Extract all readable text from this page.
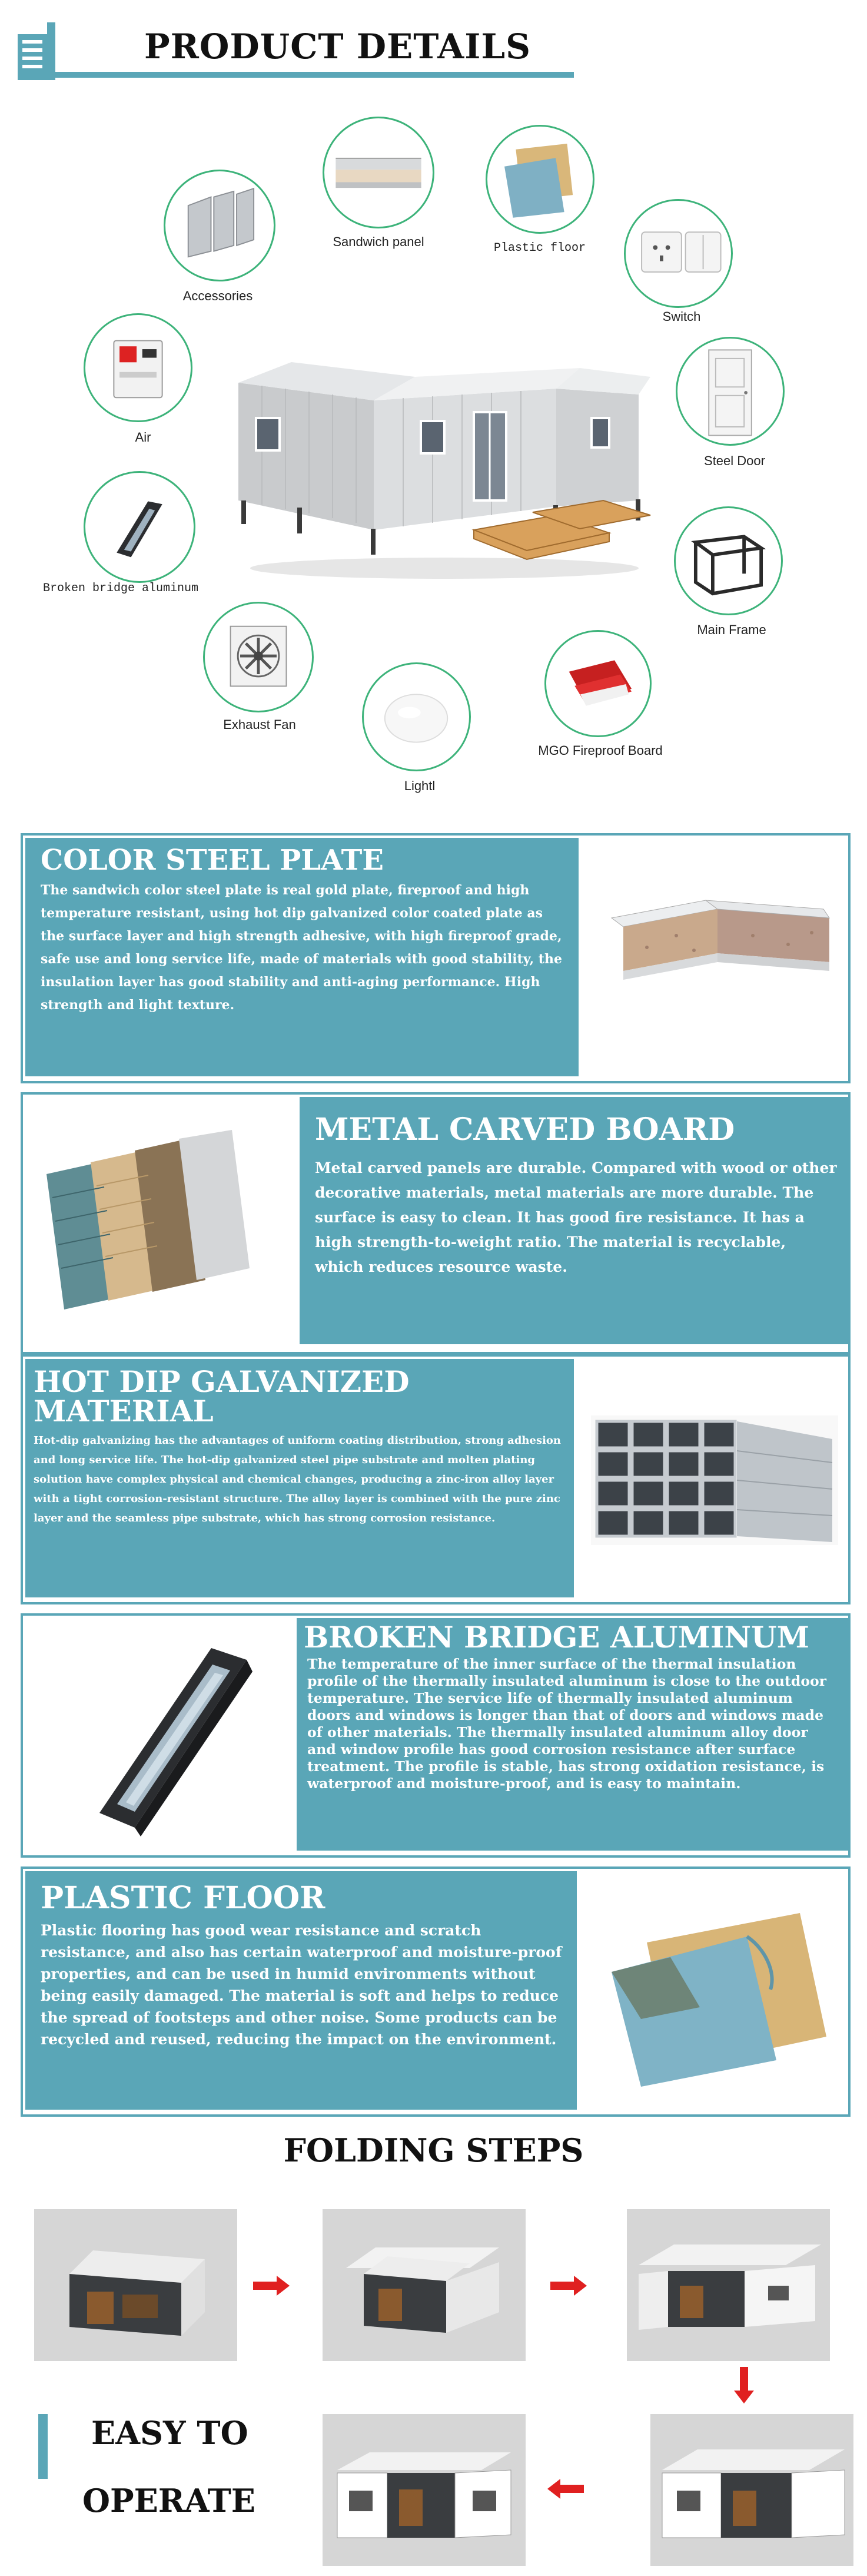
PRODUCT DETAILS
Sandwich panel	Plastic floor
Accessories
Switch
Air
Steel Door
Broken bridge aluminum
Main Frame
Exhaust Fan
MGO Fireproof Board
Lightl
COLOR STEEL PLATE
The sandwich color steel plate is real gold plate, fireproof and high temperature resistant, using hot dip galvanized color coated plate as the surface layer and high strength adhesive, with high fireproof grade, safe use and long service life, made of materials with good stability, the insulation layer has good stability and anti-aging performance. High strength and light texture.
METAL CARVED BOARD
Metal carved panels are durable. Compared with wood or other decorative materials, metal materials are more durable. The surface is easy to clean. It has good fire resistance. It has a high strength-to-weight ratio. The material is recyclable, which reduces resource waste.
HOT DIP GALVANIZED
MATERIAL
Hot-dip galvanizing has the advantages of uniform coating distribution, strong adhesion and long service life. The hot-dip galvanized steel pipe substrate and molten plating solution have complex physical and chemical changes, producing a zinc-iron alloy layer with a tight corrosion-resistant structure. The alloy layer is combined with the pure zinc layer and the seamless pipe substrate, which has strong corrosion resistance.
BROKEN BRIDGE ALUMINUM
The temperature of the inner surface of the thermal insulation profile of the thermally insulated aluminum is close to the outdoor temperature. The service life of thermally insulated aluminum doors and windows is longer than that of doors and windows made of other materials. The thermally insulated aluminum alloy door and window profile has good corrosion resistance after surface treatment. The profile is stable, has strong oxidation resistance, is waterproof and moisture-proof, and is easy to maintain.
PLASTIC FLOOR
Plastic flooring has good wear resistance and scratch resistance, and also has certain waterproof and moisture-proof properties, and can be used in humid environments without being easily damaged. The material is soft and helps to reduce the spread of footsteps and other noise. Some products can be recycled and reused, reducing the impact on the environment.
FOLDING STEPS
EASY TO
OPERATE
